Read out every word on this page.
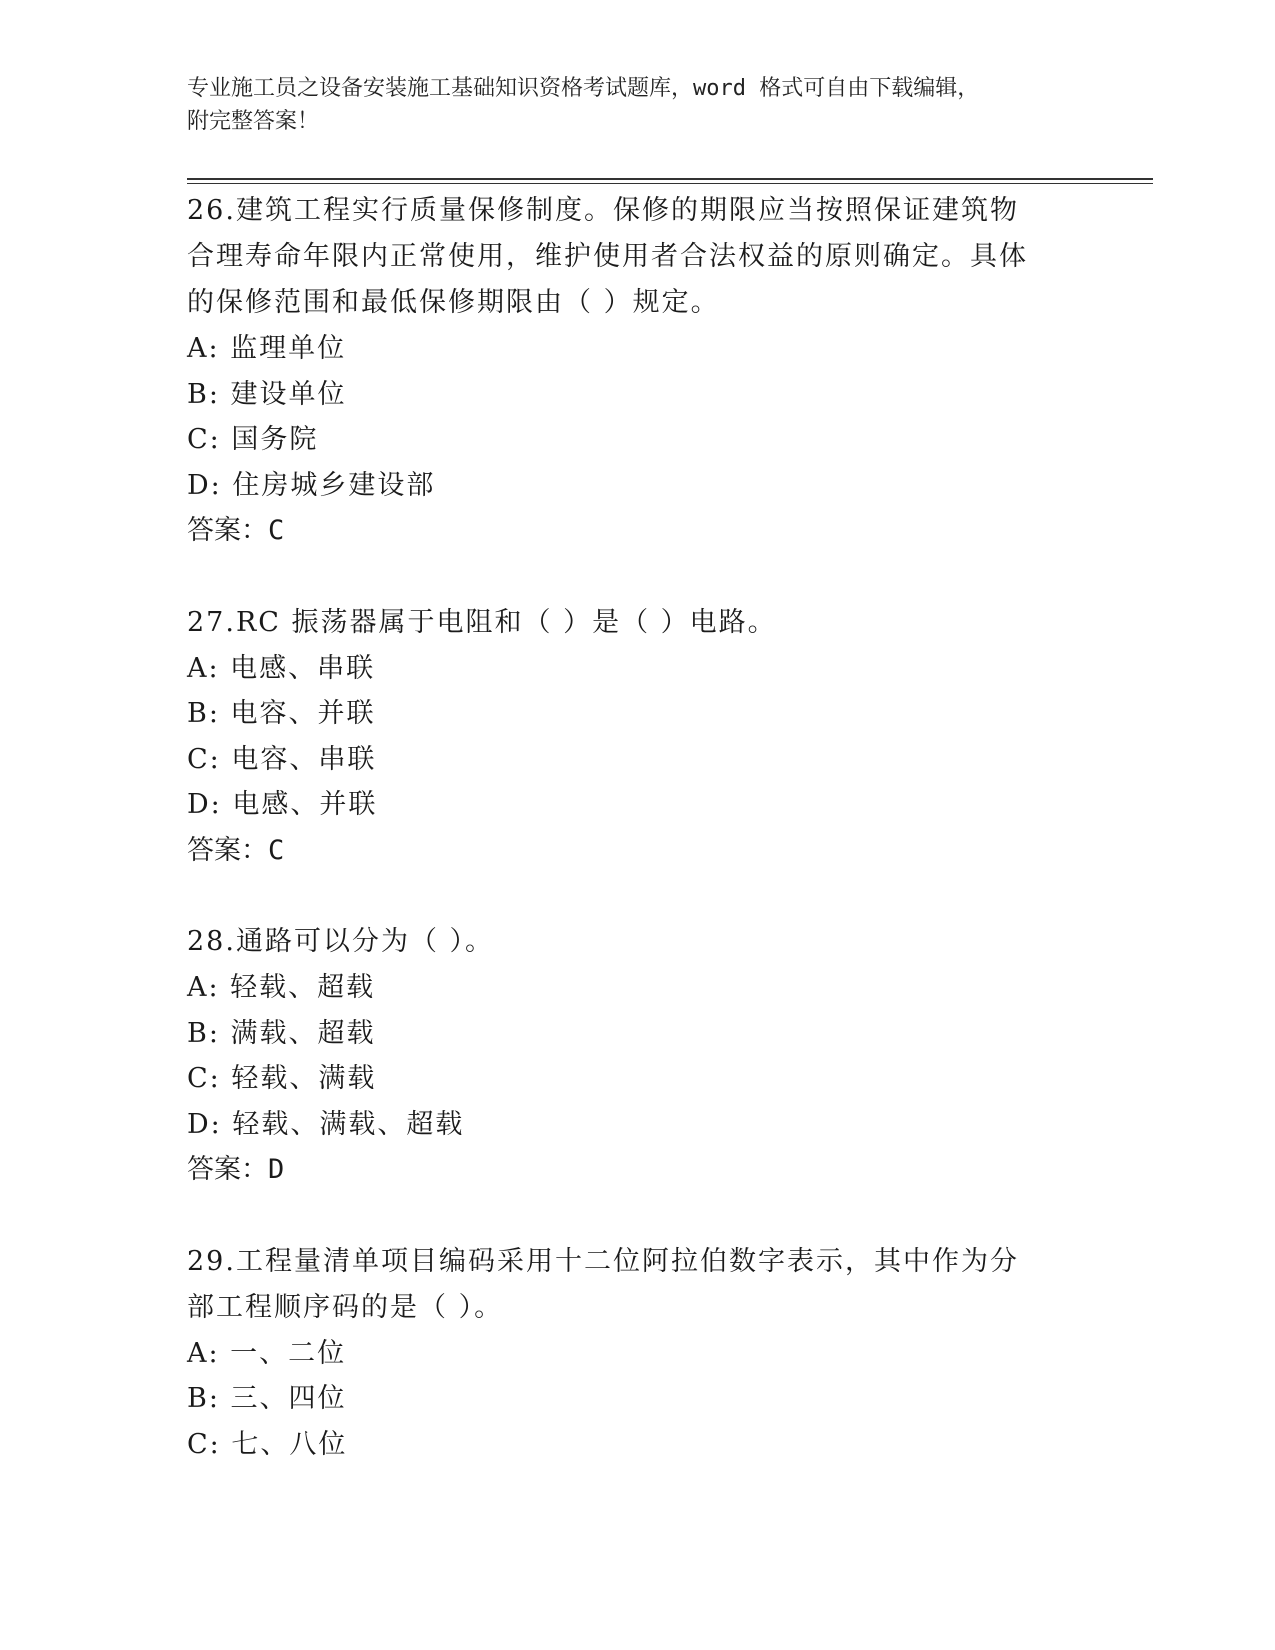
专业施工员之设备安装施工基础知识资格考试题库，word 格式可自由下载编辑，
附完整答案！

26.建筑工程实行质量保修制度。保修的期限应当按照保证建筑物合理寿命年限内正常使用，维护使用者合法权益的原则确定。具体的保修范围和最低保修期限由（ ）规定。

A: 监理单位

B: 建设单位

C: 国务院

D: 住房城乡建设部

答案：C

27.RC 振荡器属于电阻和（ ）是（ ）电路。

A: 电感、串联

B: 电容、并联

C: 电容、串联

D: 电感、并联

答案：C

28.通路可以分为（ ）。

A: 轻载、超载

B: 满载、超载

C: 轻载、满载

D: 轻载、满载、超载

答案：D

29.工程量清单项目编码采用十二位阿拉伯数字表示，其中作为分部工程顺序码的是（ ）。

A: 一、二位

B: 三、四位

C: 七、八位
